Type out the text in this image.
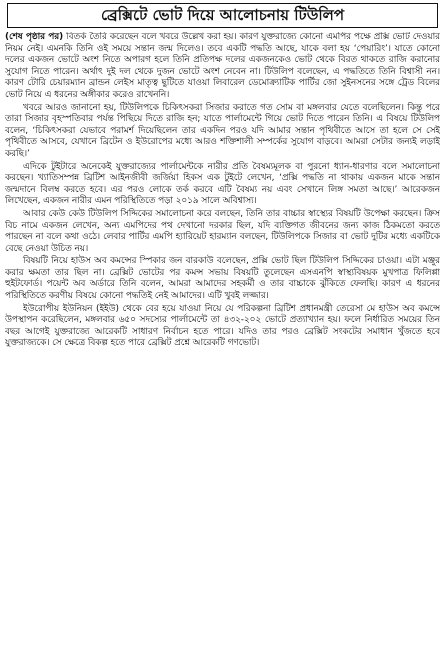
ব্রেক্সিটে ভোট দিয়ে আলোচনায় টিউলিপ

(শেষ পৃষ্ঠার পর) বিতর্ক তৈরি করেছেন বলে খবরে উল্লেখ করা হয়। কারণ যুক্তরাজ্যে কোনো এমপির পক্ষে প্রক্সি ভোট দেওয়ার নিয়ম নেই। এমনকি তিনি ওই সময়ে সন্তান জন্ম দিলেও। তবে একটি পদ্ধতি আছে, যাকে বলা হয় ‘পেয়ারিং’। যাতে কোনো দলের একজন ভোটে অংশ নিতে অপারগ হলে তিনি প্রতিপক্ষ দলের একজনকেও ভোট থেকে বিরত থাকতে রাজি করানোর সুযোগ নিতে পারেন। অর্থাৎ দুই দল থেকে দুজন ভোটে অংশ নেবেন না। টিউলিপ বলেছেন, এ পদ্ধতিতে তিনি বিশ্বাসী নন। কারণ টোরি চেয়ারম্যান ব্রান্ডন লেইস মাতৃত্ব ছুটিতে যাওয়া লিবারেল ডেমোক্র্যাটিক পার্টির জো সুইনসনের সঙ্গে ট্রেড বিলের ভোট নিয়ে এ ধরনের অঙ্গীকার করেও রাখেননি।

খবরে আরও জানানো হয়, টিউলিপকে চিকিৎসকরা সিজার করাতে গত সোম বা মঙ্গলবার যেতে বলেছিলেন। কিন্তু পরে তারা সিজার বৃহস্পতিবার পর্যন্ত পিছিয়ে দিতে রাজি হন; যাতে পার্লামেন্টে গিয়ে ভোট দিতে পারেন তিনি। এ বিষয়ে টিউলিপ বলেন, ‘চিকিৎসকরা যেভাবে পরামর্শ দিয়েছিলেন তার একদিন পরও যদি আমার সন্তান পৃথিবীতে আসে তা হলে সে সেই পৃথিবীতে আসবে, যেখানে ব্রিটেন ও ইউরোপের মধ্যে আরও শক্তিশালী সম্পর্কের সুযোগ বাড়বে। আমরা সেটার জন্যই লড়াই করছি।’

এদিকে টুইটারে অনেকেই যুক্তরাজ্যের পার্লামেন্টকে নারীর প্রতি বৈষম্যমূলক বা পুরনো ধ্যান-ধারণার বলে সমালোচনা করছেন। খ্যাতিসম্পন্ন ব্রিটিশ আইনজীবী জর্জিয়া হিকস এক টুইটে লেখেন, ‘প্রক্সি পদ্ধতি না থাকায় একজন মাকে সন্তান জন্মদানে বিলম্ব করতে হবে। এর পরও লোকে তর্ক করবে এটি বৈষম্য নয় এবং সেখানে লিঙ্গ সমতা আছে।’ আরেকজন লিখেছেন, একজন নারীর এমন পরিস্থিতিতে পড়া ২০১৯ সালে অবিশ্বাস্য।

আবার কেউ কেউ টিউলিপ সিদ্দিকের সমালোচনা করে বলছেন, তিনি তার বাচ্চার স্বাস্থ্যের বিষয়টি উপেক্ষা করছেন। ক্রিস বিচ নামে একজন লেখেন, অন্য এমপিদের পথ দেখানো দরকার ছিল, যদি ব্যক্তিগত জীবনের জন্য কাজ ঠিকমতো করতে পারছেন না বলে কথা ওঠে। লেবার পার্টির এমপি হ্যারিয়েট হারম্যান বলছেন, টিউলিপকে সিজার বা ভোট দুটির মধ্যে একটিকে বেছে নেওয়া উচিত নয়।

বিষয়টি নিয়ে হাউস অব কমন্সের স্পিকার জন বারকাউ বলেছেন, প্রক্সি ভোট ছিল টিউলিপ সিদ্দিকের চাওয়া। এটা মঞ্জুর করার ক্ষমতা তার ছিল না। ব্রেক্সিট ভোটের পর কমন্স সভায় বিষয়টি তুলেছেন এসএনপি স্বাস্থ্যবিষয়ক মুখপাত্র ফিলিপ্পা হুইটফোর্ড। পয়েন্ট অব অর্ডারে তিনি বলেন, আমরা আমাদের সহকর্মী ও তার বাচ্চাকে ঝুঁকিতে ফেলছি। কারণ এ ধরনের পরিস্থিতিতে করণীয় বিষয়ে কোনো পদ্ধতিই নেই আমাদের। এটি খুবই লজ্জার।

ইউরোপীয় ইউনিয়ন (ইইউ) থেকে বের হয়ে যাওয়া নিয়ে যে পরিকল্পনা ব্রিটিশ প্রধানমন্ত্রী তেরেসা মে হাউস অব কমন্সে উপস্থাপন করেছিলেন, মঙ্গলবার ৬৫০ সদস্যের পার্লামেন্টে তা ৪৩২-২০২ ভোটে প্রত্যাখ্যান হয়। ফলে নির্ধারিত সময়ের তিন বছর আগেই যুক্তরাজ্যে আরেকটি সাধারণ নির্বাচন হতে পারে। যদিও তার পরও ব্রেক্সিট সংকটের সমাধান খুঁজতে হবে যুক্তরাজ্যকে। সে ক্ষেত্রে বিকল্প হতে পারে ব্রেক্সিট প্রশ্নে আরেকটি গণভোট।
